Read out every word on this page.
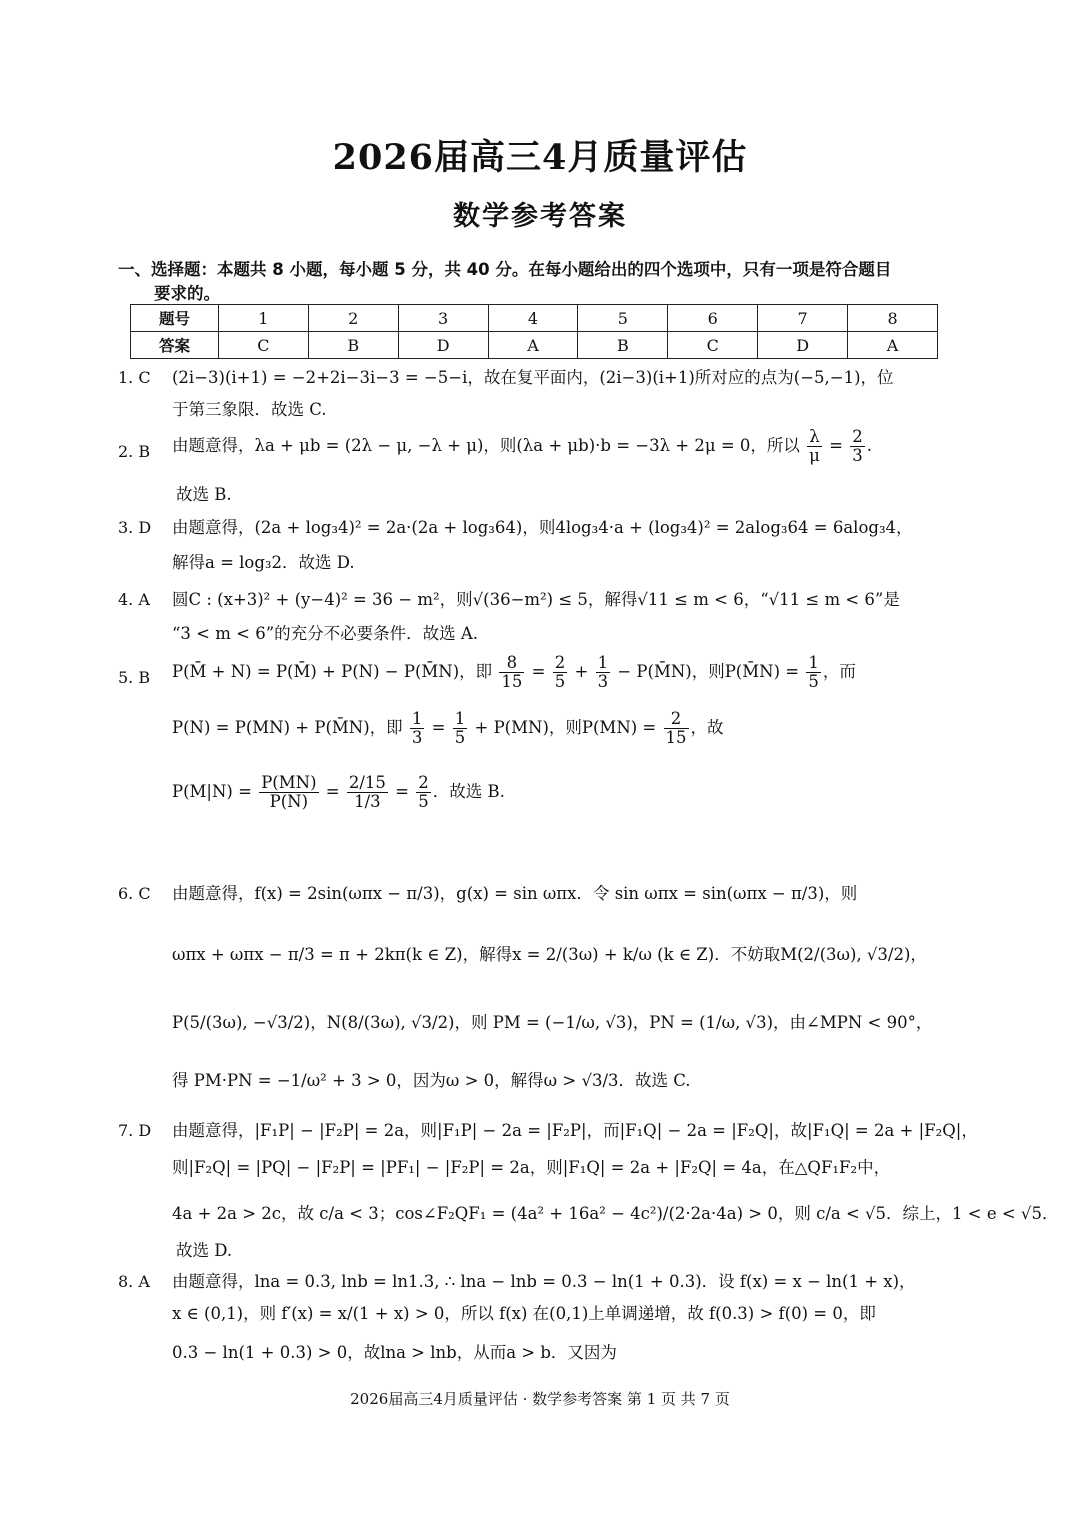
2026届高三4月质量评估
数学参考答案
一、选择题：本题共 8 小题，每小题 5 分，共 40 分。在每小题给出的四个选项中，只有一项是符合题目
要求的。
题号	1	2	3	4	5	6	7	8
答案	C	B	D	A	B	C	D	A
1. C (2i−3)(i+1) = −2+2i−3i−3 = −5−i，故在复平面内，(2i−3)(i+1)所对应的点为(−5,−1)，位
于第三象限．故选 C.
2. B 由题意得，λa + μb = (2λ − μ, −λ + μ)，则(λa + μb)·b = −3λ + 2μ = 0，所以 $\frac{\lambda}{\mu} = \frac{2}{3}$ .
故选 B.
3. D 由题意得，(2a + log₃4)² = 2a·(2a + log₃64)，则4log₃4·a + (log₃4)² = 2alog₃64 = 6alog₃4，
解得a = log₃2．故选 D.
4. A 圆C : (x+3)² + (y−4)² = 36 − m²，则√(36−m²) ≤ 5，解得√11 ≤ m < 6，“√11 ≤ m < 6”是
“3 < m < 6”的充分不必要条件．故选 A.
5. B P(M̄ + N) = P(M̄) + P(N) − P(M̄N)，即 $\frac{8}{15} = \frac{2}{5} + \frac{1}{3}$ − P(M̄N)，则P(M̄N) = $\frac{1}{5}$ ，而
P(N) = P(MN) + P(M̄N)，即 $\frac{1}{3} = \frac{1}{5} + P(MN)$，则$P(MN) = \frac{2}{15}$ ，故
$P(M|N) = \frac{P(MN)}{P(N)} = \frac{2/15}{1/3} = \frac{2}{5}$ ．故选 B.
6. C 由题意得，f(x) = 2sin(ωπx − π/3)，g(x) = sin ωπx．令 sin ωπx = sin(ωπx − π/3)，则
ωπx + ωπx − π/3 = π + 2kπ(k ∈ Z)，解得x = 2/(3ω) + k/ω (k ∈ Z)．不妨取M(2/(3ω), √3/2)，
P(5/(3ω), −√3/2)，N(8/(3ω), √3/2)，则 PM = (−1/ω, √3)，PN = (1/ω, √3)，由∠MPN < 90°，
得 PM·PN = −1/ω² + 3 > 0，因为ω > 0，解得ω > √3/3．故选 C.
7. D 由题意得，|F₁P| − |F₂P| = 2a，则|F₁P| − 2a = |F₂P|，而|F₁Q| − 2a = |F₂Q|，故|F₁Q| = 2a + |F₂Q|，
则|F₂Q| = |PQ| − |F₂P| = |PF₁| − |F₂P| = 2a，则|F₁Q| = 2a + |F₂Q| = 4a，在△QF₁F₂中，
4a + 2a > 2c，故 c/a < 3；cos∠F₂QF₁ = (4a² + 16a² − 4c²)/(2·2a·4a) > 0，则 c/a < √5．综上，1 < e < √5．
故选 D.
8. A 由题意得，lna = 0.3, lnb = ln1.3, ∴ lna − lnb = 0.3 − ln(1 + 0.3)．设 f(x) = x − ln(1 + x)，
x ∈ (0,1)，则 f′(x) = x/(1 + x) > 0，所以 f(x) 在(0,1)上单调递增，故 f(0.3) > f(0) = 0，即
0.3 − ln(1 + 0.3) > 0，故lna > lnb，从而a > b．又因为
2026届高三4月质量评估 · 数学参考答案 第 1 页 共 7 页
